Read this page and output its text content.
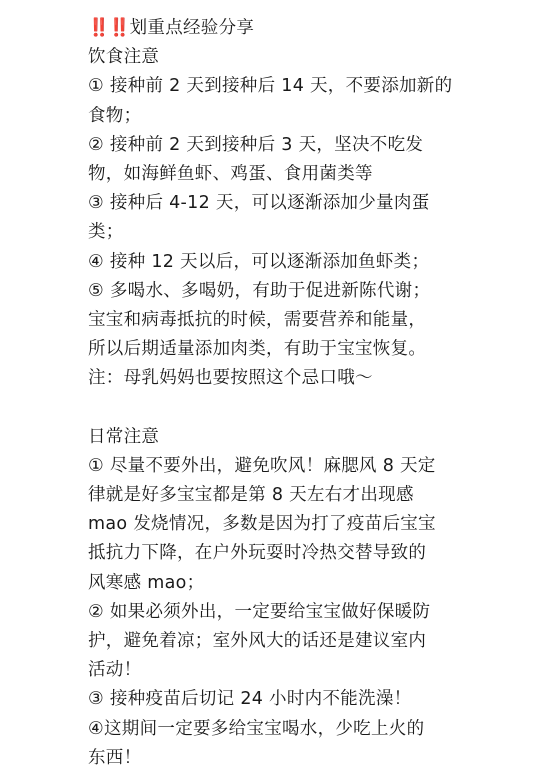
‼️‼️划重点经验分享
饮食注意
① 接种前 2 天到接种后 14 天，不要添加新的
食物；
② 接种前 2 天到接种后 3 天，坚决不吃发
物，如海鲜鱼虾、鸡蛋、食用菌类等
③ 接种后 4-12 天，可以逐渐添加少量肉蛋
类；
④ 接种 12 天以后，可以逐渐添加鱼虾类；
⑤ 多喝水、多喝奶，有助于促进新陈代谢；
宝宝和病毒抵抗的时候，需要营养和能量，
所以后期适量添加肉类，有助于宝宝恢复。
注：母乳妈妈也要按照这个忌口哦～
日常注意
① 尽量不要外出，避免吹风！麻腮风 8 天定
律就是好多宝宝都是第 8 天左右才出现感
mao 发烧情况，多数是因为打了疫苗后宝宝
抵抗力下降，在户外玩耍时冷热交替导致的
风寒感 mao；
② 如果必须外出，一定要给宝宝做好保暖防
护，避免着凉；室外风大的话还是建议室内
活动！
③ 接种疫苗后切记 24 小时内不能洗澡！
④这期间一定要多给宝宝喝水，少吃上火的
东西！
